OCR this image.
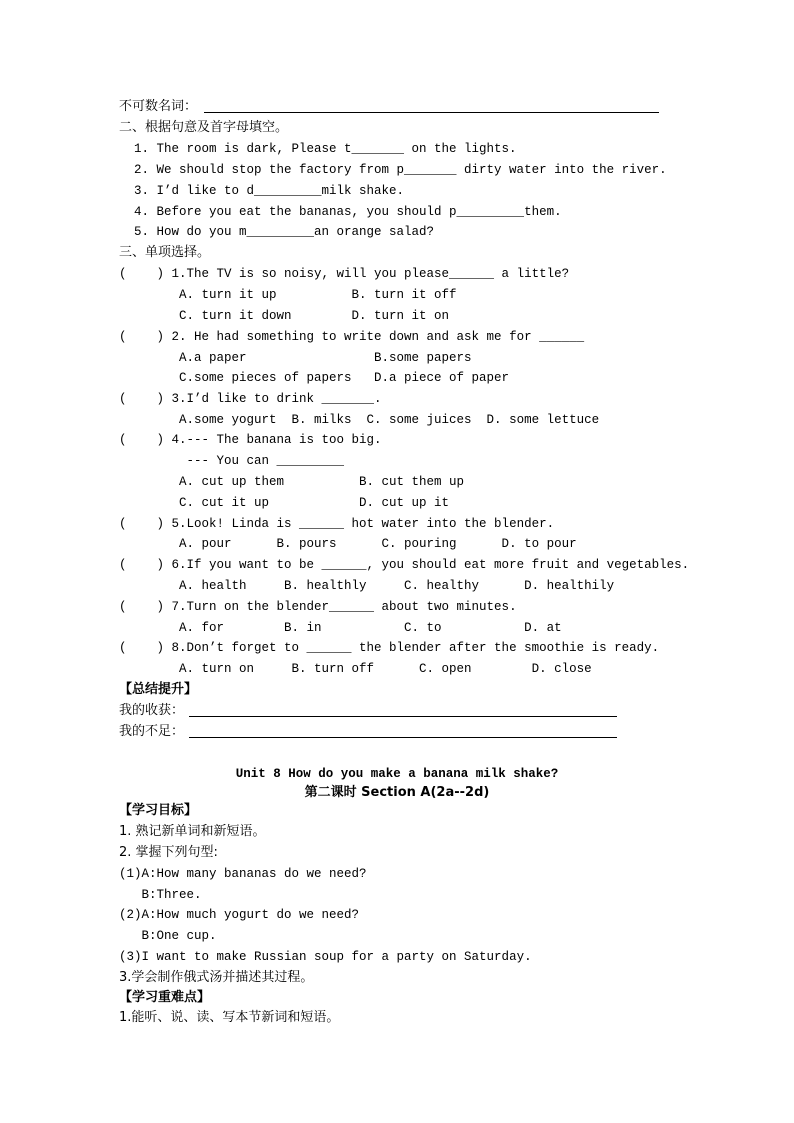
不可数名词：
二、根据句意及首字母填空。
1. The room is dark, Please t_______ on the lights.
2. We should stop the factory from p_______ dirty water into the river.
3. I’d like to d_________milk shake.
4. Before you eat the bananas, you should p_________them.
5. How do you m_________an orange salad?
三、单项选择。
(    ) 1.The TV is so noisy, will you please______ a little?
A. turn it up          B. turn it off
C. turn it down        D. turn it on
(    ) 2. He had something to write down and ask me for ______
A.a paper                 B.some papers
C.some pieces of papers   D.a piece of paper
(    ) 3.I’d like to drink _______.
A.some yogurt  B. milks  C. some juices  D. some lettuce
(    ) 4.--- The banana is too big.
--- You can _________
A. cut up them          B. cut them up
C. cut it up            D. cut up it
(    ) 5.Look! Linda is ______ hot water into the blender.
A. pour      B. pours      C. pouring      D. to pour
(    ) 6.If you want to be ______, you should eat more fruit and vegetables.
A. health     B. healthly     C. healthy      D. healthily
(    ) 7.Turn on the blender______ about two minutes.
A. for        B. in           C. to           D. at
(    ) 8.Don’t forget to ______ the blender after the smoothie is ready.
A. turn on     B. turn off      C. open        D. close
【总结提升】
我的收获：
我的不足：
Unit 8 How do you make a banana milk shake?
第二课时 Section A(2a--2d)
【学习目标】
1. 熟记新单词和新短语。
2. 掌握下列句型:
(1)A:How many bananas do we need?
B:Three.
(2)A:How much yogurt do we need?
B:One cup.
(3)I want to make Russian soup for a party on Saturday.
3.学会制作俄式汤并描述其过程。
【学习重难点】
1.能听、说、读、写本节新词和短语。
